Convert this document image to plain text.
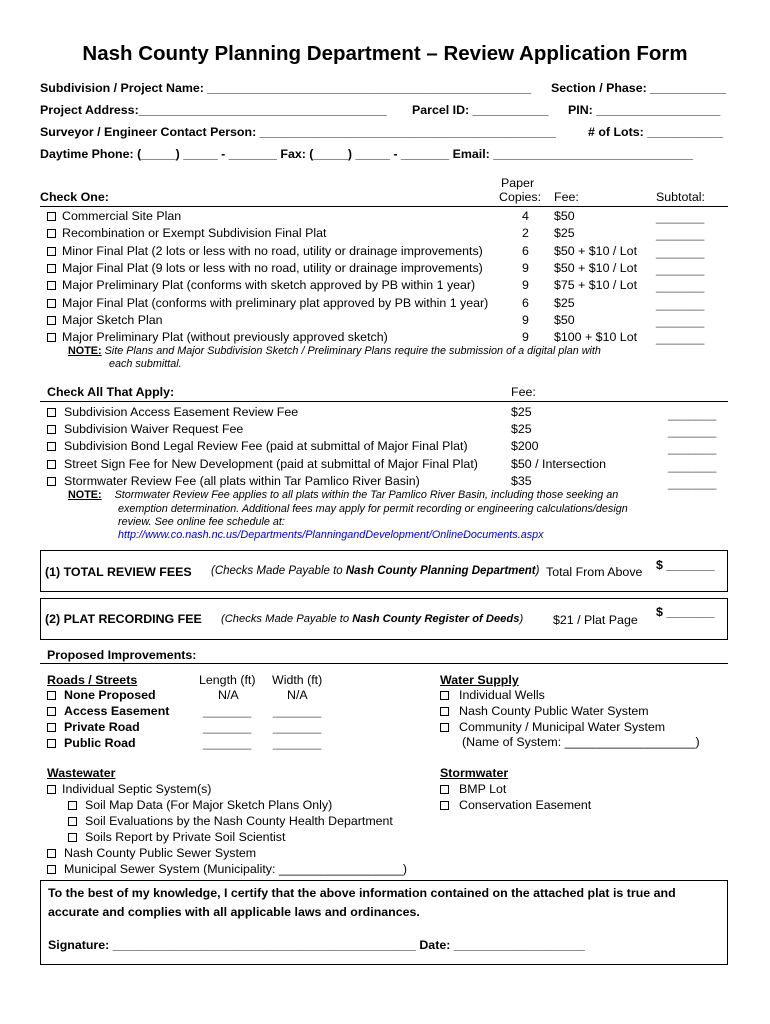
Nash County Planning Department – Review Application Form
Subdivision / Project Name: _______________________________________________ Section / Phase: ___________
Project Address:____________________________________ Parcel ID: ___________ PIN: __________________
Surveyor / Engineer Contact Person: ___________________________________________	# of Lots: ___________
Daytime Phone: (_____) _____ - _______ Fax: (_____) _____ - _______ Email: _____________________________
Check One:
Paper
Copies: Fee:	Subtotal:
Commercial Site Plan	4 $50	_______
Recombination or Exempt Subdivision Final Plat	2 $25	_______
Minor Final Plat (2 lots or less with no road, utility or drainage improvements)	6 $50 + $10 / Lot _______
Major Final Plat (9 lots or less with no road, utility or drainage improvements)	9 $50 + $10 / Lot _______
Major Preliminary Plat (conforms with sketch approved by PB within 1 year)	9 $75 + $10 / Lot _______
Major Final Plat (conforms with preliminary plat approved by PB within 1 year)	6 $25	_______
Major Sketch Plan	9 $50	_______
Major Preliminary Plat (without previously approved sketch)	9 $100 + $10 Lot _______
NOTE: Site Plans and Major Subdivision Sketch / Preliminary Plans require the submission of a digital plan with
each submittal.
Check All That Apply:	Fee:
Subdivision Access Easement Review Fee	$25	_______
Subdivision Waiver Request Fee	$25	_______
Subdivision Bond Legal Review Fee (paid at submittal of Major Final Plat)	$200	_______
Street Sign Fee for New Development (paid at submittal of Major Final Plat)	$50 / Intersection	_______
Stormwater Review Fee (all plats within Tar Pamlico River Basin)	$35	_______
NOTE: Stormwater Review Fee applies to all plats within the Tar Pamlico River Basin, including those seeking an
exemption determination. Additional fees may apply for permit recording or engineering calculations/design
review. See online fee schedule at:
http://www.co.nash.nc.us/Departments/PlanningandDevelopment/OnlineDocuments.aspx
(1) TOTAL REVIEW FEES (Checks Made Payable to Nash County Planning Department) Total From Above $ _______
(2) PLAT RECORDING FEE (Checks Made Payable to Nash County Register of Deeds) $21 / Plat Page
$ _______
Proposed Improvements:
Roads / Streets	Length (ft) Width (ft)
None Proposed	N/A	N/A
Access Easement	_______ _______
Private Road	_______ _______
Public Road	_______ _______
Water Supply
Individual Wells
Nash County Public Water System
Community / Municipal Water System
(Name of System: ___________________)
Wastewater
Individual Septic System(s)
Soil Map Data (For Major Sketch Plans Only)
Soil Evaluations by the Nash County Health Department
Soils Report by Private Soil Scientist
Nash County Public Sewer System
Municipal Sewer System (Municipality: __________________)
Stormwater
BMP Lot
Conservation Easement
To the best of my knowledge, I certify that the above information contained on the attached plat is true and
accurate and complies with all applicable laws and ordinances.
Signature: ____________________________________________ Date: ___________________
